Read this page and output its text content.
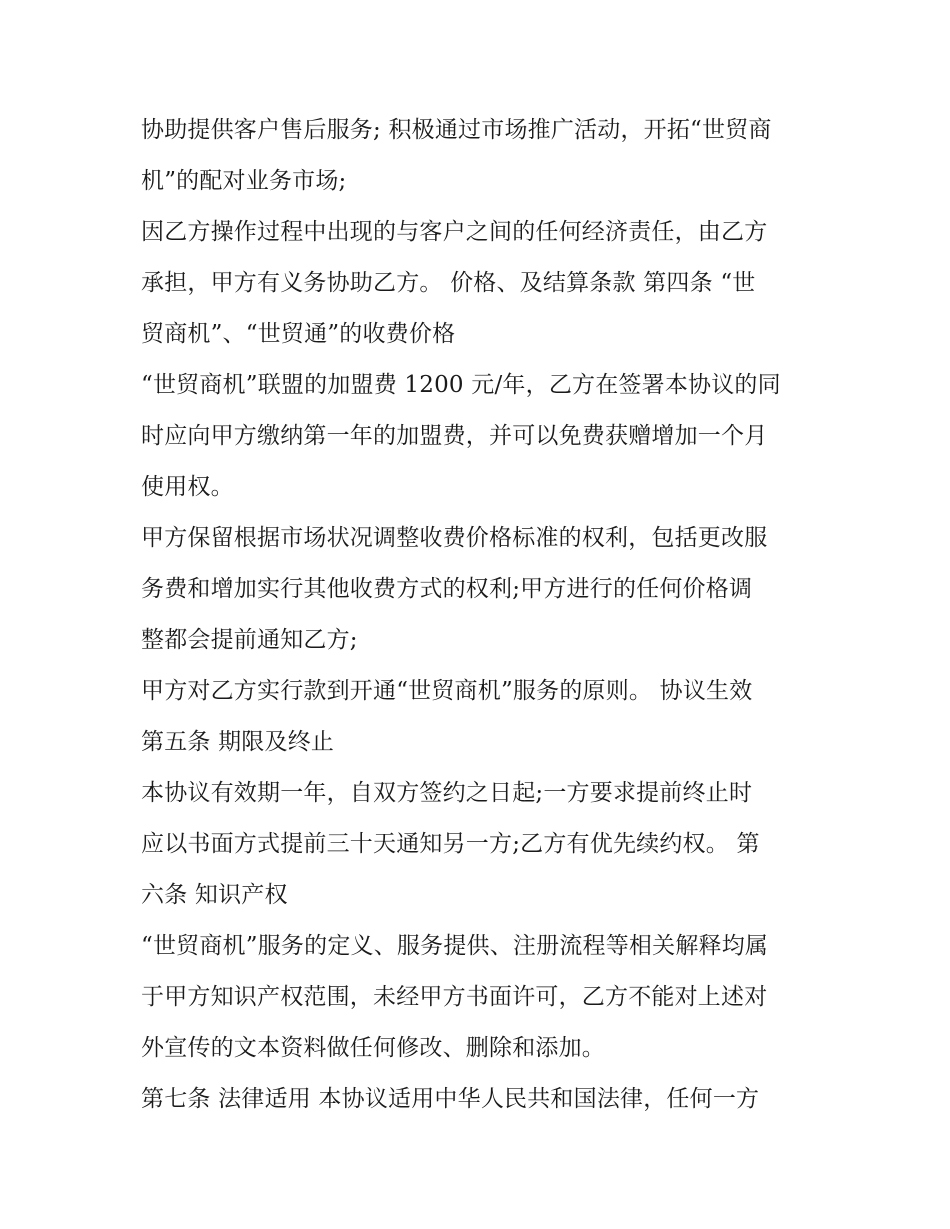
协助提供客户售后服务; 积极通过市场推广活动，开拓“世贸商
机”的配对业务市场;
因乙方操作过程中出现的与客户之间的任何经济责任，由乙方
承担，甲方有义务协助乙方。 价格、及结算条款 第四条 “世
贸商机”、“世贸通”的收费价格
“世贸商机”联盟的加盟费 1200 元/年，乙方在签署本协议的同
时应向甲方缴纳第一年的加盟费，并可以免费获赠增加一个月
使用权。
甲方保留根据市场状况调整收费价格标准的权利，包括更改服
务费和增加实行其他收费方式的权利;甲方进行的任何价格调
整都会提前通知乙方;
甲方对乙方实行款到开通“世贸商机”服务的原则。 协议生效
第五条 期限及终止
本协议有效期一年，自双方签约之日起;一方要求提前终止时
应以书面方式提前三十天通知另一方;乙方有优先续约权。 第
六条 知识产权
“世贸商机”服务的定义、服务提供、注册流程等相关解释均属
于甲方知识产权范围，未经甲方书面许可，乙方不能对上述对
外宣传的文本资料做任何修改、删除和添加。
第七条 法律适用 本协议适用中华人民共和国法律，任何一方
